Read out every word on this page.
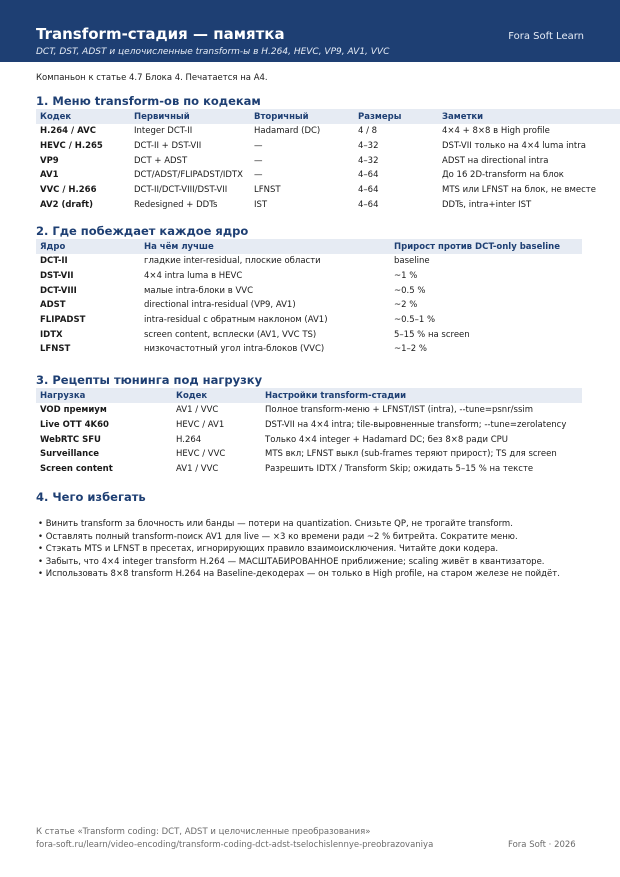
Transform-стадия — памятка
DCT, DST, ADST и целочисленные transform-ы в H.264, HEVC, VP9, AV1, VVC
Fora Soft Learn
Компаньон к статье 4.7 Блока 4. Печатается на A4.
1. Меню transform-ов по кодекам
Кодек	Первичный	Вторичный	Размеры	Заметки
H.264 / AVC	Integer DCT-II	Hadamard (DC)	4 / 8	4×4 + 8×8 в High profile
HEVC / H.265	DCT-II + DST-VII	—	4–32	DST-VII только на 4×4 luma intra
VP9	DCT + ADST	—	4–32	ADST на directional intra
AV1	DCT/ADST/FLIPADST/IDTX	—	4–64	До 16 2D-transform на блок
VVC / H.266	DCT-II/DCT-VIII/DST-VII	LFNST	4–64	MTS или LFNST на блок, не вместе
AV2 (draft)	Redesigned + DDTs	IST	4–64	DDTs, intra+inter IST
2. Где побеждает каждое ядро
Ядро	На чём лучше	Прирост против DCT-only baseline
DCT-II	гладкие inter-residual, плоские области	baseline
DST-VII	4×4 intra luma в HEVC	~1 %
DCT-VIII	малые intra-блоки в VVC	~0.5 %
ADST	directional intra-residual (VP9, AV1)	~2 %
FLIPADST	intra-residual с обратным наклоном (AV1)	~0.5–1 %
IDTX	screen content, всплески (AV1, VVC TS)	5–15 % на screen
LFNST	низкочастотный угол intra-блоков (VVC)	~1–2 %
3. Рецепты тюнинга под нагрузку
Нагрузка	Кодек	Настройки transform-стадии
VOD премиум	AV1 / VVC	Полное transform-меню + LFNST/IST (intra), --tune=psnr/ssim
Live OTT 4K60	HEVC / AV1	DST-VII на 4×4 intra; tile-выровненные transform; --tune=zerolatency
WebRTC SFU	H.264	Только 4×4 integer + Hadamard DC; без 8×8 ради CPU
Surveillance	HEVC / VVC	MTS вкл; LFNST выкл (sub-frames теряют прирост); TS для screen
Screen content	AV1 / VVC	Разрешить IDTX / Transform Skip; ожидать 5–15 % на тексте
4. Чего избегать
• Винить transform за блочность или банды — потери на quantization. Снизьте QP, не трогайте transform.
• Оставлять полный transform-поиск AV1 для live — ×3 ко времени ради ~2 % битрейта. Сократите меню.
• Стэкать MTS и LFNST в пресетах, игнорирующих правило взаимоисключения. Читайте доки кодера.
• Забыть, что 4×4 integer transform H.264 — МАСШТАБИРОВАННОЕ приближение; scaling живёт в квантизаторе.
• Использовать 8×8 transform H.264 на Baseline-декодерах — он только в High profile, на старом железе не пойдёт.
К статье «Transform coding: DCT, ADST и целочисленные преобразования»
fora-soft.ru/learn/video-encoding/transform-coding-dct-adst-tselochislennye-preobrazovaniya	Fora Soft · 2026
